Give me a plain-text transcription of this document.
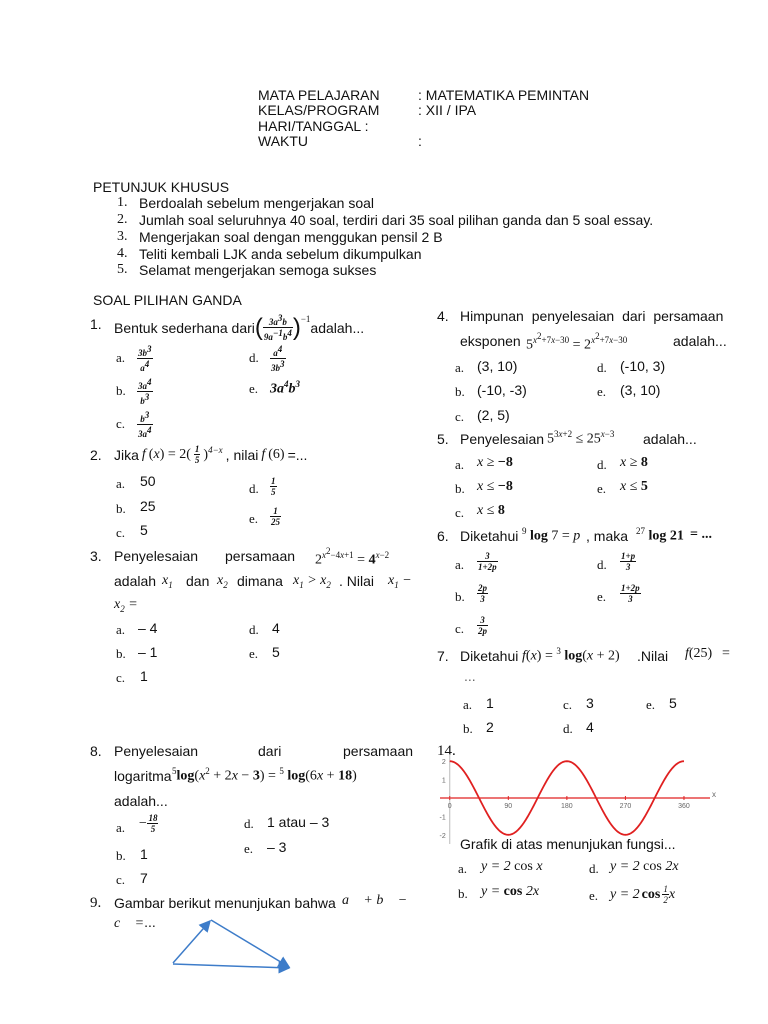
MATA PELAJARAN	: MATEMATIKA PEMINTAN
KELAS/PROGRAM	: XII / IPA
HARI/TANGGAL :
WAKTU	:
PETUNJUK KHUSUS
1. Berdoalah sebelum mengerjakan soal
2. Jumlah soal seluruhnya 40 soal, terdiri dari 35 soal pilihan ganda dan 5 soal essay.
3. Mengerjakan soal dengan menggukan pensil 2 B
4. Teliti kembali LJK anda sebelum dikumpulkan
5. Selamat mengerjakan semoga sukses
SOAL PILIHAN GANDA
1. Bentuk sederhana dari ( $\frac{3a^3b}{9a^{-1}b^4} )^{-1}$
adalah...
a. $\frac{3b^3}{a^4}$
b. $\frac{3a^4}{b^3}$
c. $\frac{b^3}{3a^4}$
d. $\frac{a^4}{3b^3}$
e. $3a^4b^3$
2. Jika f $(x) = 2( \frac{1}{5} )^{4-x}$ , nilai f (6) =...
a. 50
b. 25
c. 5
d. $\frac{1}{5}$
e. $\frac{1}{25}$
3. Penyelesaian persamaan $2^{x^2-4x+1} = 4^{x-2}$
adalah $x_1$ dan $x_2$ dimana $x_1 > x_2$ . Nilai $x_1$ −
$x_2$ =
a. – 4
b. – 1
c. 1
d. 4
e. 5
8. Penyelesaian	dari	persamaan
logaritma $^5\log(x^2 + 2x - 3) = ^5$ log(6x + 18)
adalah...
a. − $\frac{18}{5}$
b. 1
c. 7
d. 1 atau – 3
e. – 3
9. Gambar berikut menunjukan bahwa a⃗ + b⃗ −
c⃗ =...
4. Himpunan penyelesaian dari persamaan
eksponen $5^{x^2+7x-30} = 2^{x^2+7x-30}$	adalah...
a. (3, 10)
b. (-10, -3)
c. (2, 5)
d. (-10, 3)
e. (3, 10)
5. Penyelesaian $5^{3x+2} \le 25^{x-3}$ adalah...
a. x ≥ −8
b. x ≤ −8
c. x ≤ 8
d. x ≥ 8
e. x ≤ 5
6. Diketahui $^9$ log 7 = p , maka $^{27}$ log 21 = ...
a. $\frac{3}{1+2p}$
b. $\frac{2p}{3}$
c. $\frac{3}{2p}$
d. $\frac{1+p}{3}$
e. $\frac{1+2p}{3}$
7. Diketahui f(x) = $^3$ log(x + 2) .Nilai f(25) =
...
a. 1
b. 2
c. 3
d. 4
e. 5
14.
x
0	90	180	270	360
2
1
-1
-2 Grafik di atas menunjukan fungsi...
a. y = 2 cos x
b. y = cos 2x
d. y = 2 cos 2x
e. y = 2 $\cos \frac{1}{2}$ x
